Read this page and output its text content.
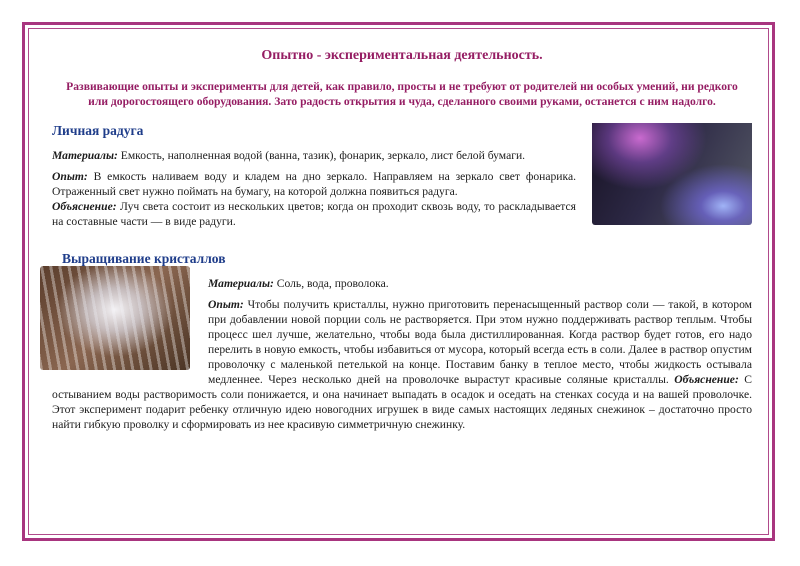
Опытно - экспериментальная деятельность.
Развивающие опыты и эксперименты для детей, как правило, просты и не требуют от родителей ни особых умений, ни редкого или дорогостоящего оборудования. Зато радость открытия и чуда, сделанного своими руками, останется с ним надолго.
Личная радуга

Материалы: Емкость, наполненная водой (ванна, тазик), фонарик, зеркало, лист белой бумаги.

Опыт: В емкость наливаем воду и кладем на дно зеркало. Направляем на зеркало свет фонарика. Отраженный свет нужно поймать на бумагу, на которой должна появиться радуга.

Объяснение: Луч света состоит из нескольких цветов; когда он проходит сквозь воду, то раскладывается на составные части — в виде радуги.

Выращивание кристаллов

Материалы: Соль, вода, проволока.

Опыт: Чтобы получить кристаллы, нужно приготовить перенасыщенный раствор соли — такой, в котором при добавлении новой порции соль не растворяется. При этом нужно поддерживать раствор теплым. Чтобы процесс шел лучше, желательно, чтобы вода была дистиллированная. Когда раствор будет готов, его надо перелить в новую емкость, чтобы избавиться от мусора, который всегда есть в соли. Далее в раствор опустим проволочку с маленькой петелькой на конце. Поставим банку в теплое место, чтобы жидкость остывала медленнее. Через несколько дней на проволочке вырастут красивые соляные кристаллы. Объяснение: С остыванием воды растворимость соли понижается, и она начинает выпадать в осадок и оседать на стенках сосуда и на вашей проволочке. Этот эксперимент подарит ребенку отличную идею новогодних игрушек в виде самых настоящих ледяных снежинок – достаточно просто найти гибкую проволку и сформировать из нее красивую симметричную снежинку.
